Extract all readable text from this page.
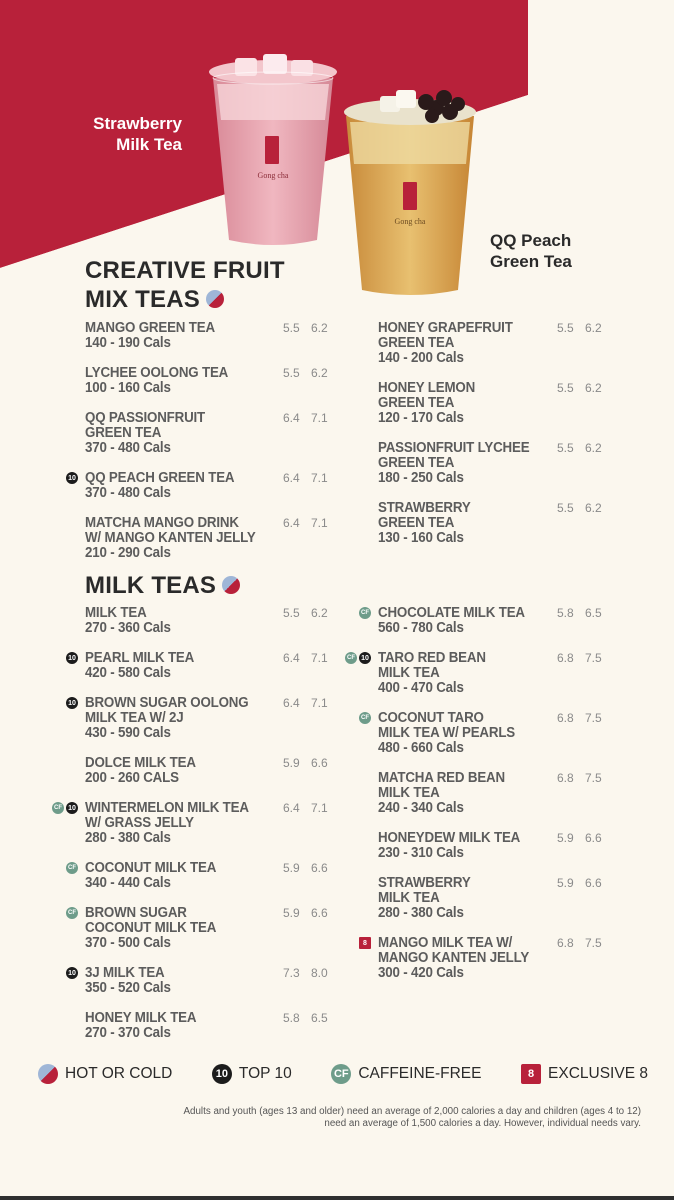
Gong cha
Gong cha
Strawberry
Milk Tea
QQ Peach
Green Tea
CREATIVE FRUIT
MIX TEAS
MILK TEAS
MANGO GREEN TEA
140 - 190 Cals
5.5 6.2
LYCHEE OOLONG TEA
100 - 160 Cals
5.5 6.2
QQ PASSIONFRUIT
GREEN TEA
370 - 480 Cals
6.4 7.1
QQ PEACH GREEN TEA
370 - 480 Cals
6.4 7.1
10
MATCHA MANGO DRINK
W/ MANGO KANTEN JELLY
210 - 290 Cals
6.4 7.1
HONEY GRAPEFRUIT
GREEN TEA
140 - 200 Cals
5.5 6.2
HONEY LEMON
GREEN TEA
120 - 170 Cals
5.5 6.2
PASSIONFRUIT LYCHEE
GREEN TEA
180 - 250 Cals
5.5 6.2
STRAWBERRY
GREEN TEA
130 - 160 Cals
5.5 6.2
MILK TEA
270 - 360 Cals
5.5 6.2
PEARL MILK TEA
420 - 580 Cals
6.4 7.1
10
BROWN SUGAR OOLONG
MILK TEA W/ 2J
430 - 590 Cals
6.4 7.1
10
DOLCE MILK TEA
200 - 260 CALS
5.9 6.6
WINTERMELON MILK TEA
W/ GRASS JELLY
280 - 380 Cals
6.4 7.1
CF 10
COCONUT MILK TEA
340 - 440 Cals
5.9 6.6
CF
BROWN SUGAR
COCONUT MILK TEA
370 - 500 Cals
5.9 6.6
CF
3J MILK TEA
350 - 520 Cals
7.3 8.0
10
HONEY MILK TEA
270 - 370 Cals
5.8 6.5
CHOCOLATE MILK TEA
560 - 780 Cals
5.8 6.5
CF
TARO RED BEAN
MILK TEA
400 - 470 Cals
6.8 7.5
CF 10
COCONUT TARO
MILK TEA W/ PEARLS
480 - 660 Cals
6.8 7.5
CF
MATCHA RED BEAN
MILK TEA
240 - 340 Cals
6.8 7.5
HONEYDEW MILK TEA
230 - 310 Cals
5.9 6.6
STRAWBERRY
MILK TEA
280 - 380 Cals
5.9 6.6
MANGO MILK TEA W/
MANGO KANTEN JELLY
300 - 420 Cals
6.8 7.5
8
HOT OR COLD	10 TOP 10	CF CAFFEINE-FREE	8 EXCLUSIVE 8
Adults and youth (ages 13 and older) need an average of 2,000 calories a day and children (ages 4 to 12) need an average of 1,500 calories a day. However, individual needs vary.
